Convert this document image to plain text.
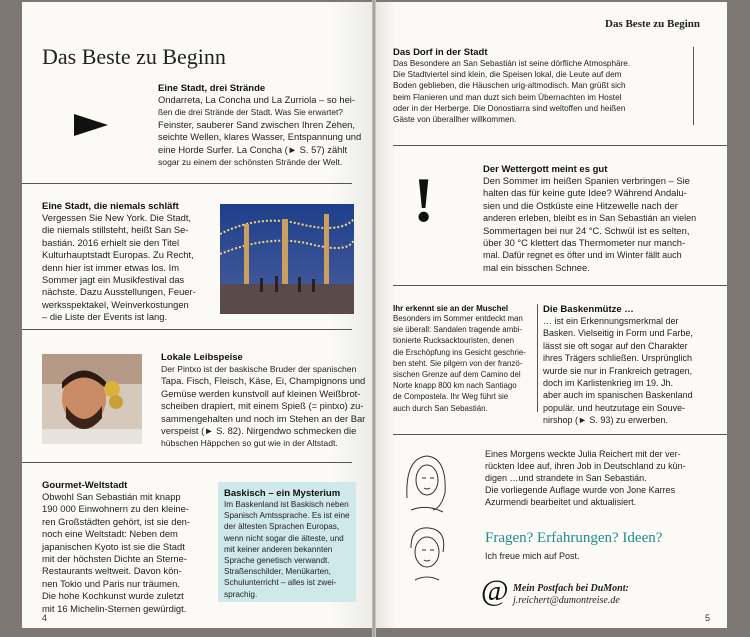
Das Beste zu Beginn
Eine Stadt, drei Strände
Ondarreta, La Concha und La Zurriola – so hei-
ßen die drei Strände der Stadt. Was Sie erwartet?
Feinster, sauberer Sand zwischen Ihren Zehen,
seichte Wellen, klares Wasser, Entspannung und
eine Horde Surfer. La Concha (► S. 57) zählt
sogar zu einem der schönsten Strände der Welt.
Eine Stadt, die niemals schläft
Vergessen Sie New York. Die Stadt,
die niemals stillsteht, heißt San Se-
bastián. 2016 erhielt sie den Titel
Kulturhauptstadt Europas. Zu Recht,
denn hier ist immer etwas los. Im
Sommer jagt ein Musikfestival das
nächste. Dazu Ausstellungen, Feuer-
werksspektakel, Weinverkostungen
– die Liste der Events ist lang.
Lokale Leibspeise
Der Pintxo ist der baskische Bruder der spanischen
Tapa. Fisch, Fleisch, Käse, Ei, Champignons und
Gemüse werden kunstvoll auf kleinen Weißbrot-
scheiben drapiert, mit einem Spieß (= pintxo) zu-
sammengehalten und noch im Stehen an der Bar
verspeist (► S. 82). Nirgendwo schmecken die
hübschen Häppchen so gut wie in der Altstadt.
Gourmet-Weltstadt
Obwohl San Sebastián mit knapp
190 000 Einwohnern zu den kleine-
ren Großstädten gehört, ist sie den-
noch eine Weltstadt: Neben dem
japanischen Kyoto ist sie die Stadt
mit der höchsten Dichte an Sterne-
Restaurants weltweit. Davon kön-
nen Tokio und Paris nur träumen.
Die hohe Kochkunst wurde zuletzt
mit 16 Michelin-Sternen gewürdigt.
Baskisch – ein Mysterium
Im Baskenland ist Baskisch neben
Spanisch Amtssprache. Es ist eine
der ältesten Sprachen Europas,
wenn nicht sogar die älteste, und
mit keiner anderen bekannten
Sprache genetisch verwandt.
Straßenschilder, Menükarten,
Schulunterricht – alles ist zwei-
sprachig.
4
Das Beste zu Beginn
Das Dorf in der Stadt
Das Besondere an San Sebastián ist seine dörfliche Atmosphäre.
Die Stadtviertel sind klein, die Speisen lokal, die Leute auf dem
Boden geblieben, die Häuschen urig-altmodisch. Man grüßt sich
beim Flanieren und man duzt sich beim Übernachten im Hostel
oder in der Herberge. Die Donostiarra sind weltoffen und heißen
Gäste von überallher willkommen.
!	Der Wettergott meint es gut
Den Sommer im heißen Spanien verbringen – Sie
halten das für keine gute Idee? Während Andalu-
sien und die Ostküste eine Hitzewelle nach der
anderen erleben, bleibt es in San Sebastián an vielen
Sommertagen bei nur 24 °C. Schwül ist es selten,
über 30 °C klettert das Thermometer nur manch-
mal. Dafür regnet es öfter und im Winter fällt auch
mal ein bisschen Schnee.
Ihr erkennt sie an der Muschel
Besonders im Sommer entdeckt man
sie überall: Sandalen tragende ambi-
tionierte Rucksacktouristen, denen
die Erschöpfung ins Gesicht geschrie-
ben steht. Sie pilgern von der franzö-
sischen Grenze auf dem Camino del
Norte knapp 800 km nach Santiago
de Compostela. Ihr Weg führt sie
auch durch San Sebastián.
Die Baskenmütze …
… ist ein Erkennungsmerkmal der
Basken. Vielseitig in Form und Farbe,
lässt sie oft sogar auf den Charakter
ihres Trägers schließen. Ursprünglich
wurde sie nur in Frankreich getragen,
doch im Karlistenkrieg im 19. Jh.
aber auch im spanischen Baskenland
populär. und heutzutage ein Souve-
nirshop (► S. 93) zu erwerben.
Eines Morgens weckte Julia Reichert mit der ver-
rückten Idee auf, ihren Job in Deutschland zu kün-
digen …und strandete in San Sebastián.
Die vorliegende Auflage wurde von Jone Karres
Azurmendi bearbeitet und aktualisiert.
Fragen? Erfahrungen? Ideen?
Ich freue mich auf Post.
@ Mein Postfach bei DuMont:
j.reichert@dumontreise.de
5
